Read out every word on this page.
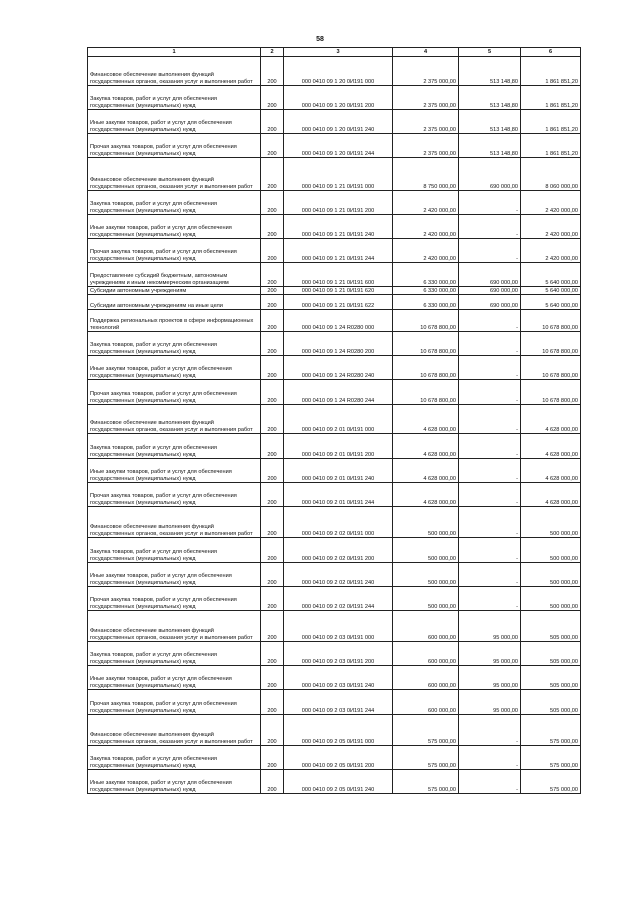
58
1	2	3	4	5	6
Финансовое обеспечение выполнения функций государственных органов, оказания услуг и выполнения работ	200	000 0410 09 1 20 0И191 000	2 375 000,00	513 148,80	1 861 851,20
Закупка товаров, работ и услуг для обеспечения государственных (муниципальных) нужд	200	000 0410 09 1 20 0И191 200	2 375 000,00	513 148,80	1 861 851,20
Иные закупки товаров, работ и услуг для обеспечения государственных (муниципальных) нужд	200	000 0410 09 1 20 0И191 240	2 375 000,00	513 148,80	1 861 851,20
Прочая закупка товаров, работ и услуг для обеспечения государственных (муниципальных) нужд	200	000 0410 09 1 20 0И191 244	2 375 000,00	513 148,80	1 861 851,20
Финансовое обеспечение выполнения функций государственных органов, оказания услуг и выполнения работ	200	000 0410 09 1 21 0И191 000	8 750 000,00	690 000,00	8 060 000,00
Закупка товаров, работ и услуг для обеспечения государственных (муниципальных) нужд	200	000 0410 09 1 21 0И191 200	2 420 000,00	-	2 420 000,00
Иные закупки товаров, работ и услуг для обеспечения государственных (муниципальных) нужд	200	000 0410 09 1 21 0И191 240	2 420 000,00	-	2 420 000,00
Прочая закупка товаров, работ и услуг для обеспечения государственных (муниципальных) нужд	200	000 0410 09 1 21 0И191 244	2 420 000,00	-	2 420 000,00
Предоставление субсидий бюджетным, автономным учреждениям и иным некоммерческим организациям	200	000 0410 09 1 21 0И191 600	6 330 000,00	690 000,00	5 640 000,00
Субсидии автономным учреждениям	200	000 0410 09 1 21 0И191 620	6 330 000,00	690 000,00	5 640 000,00
Субсидии автономным учреждениям на иные цели	200	000 0410 09 1 21 0И191 622	6 330 000,00	690 000,00	5 640 000,00
Поддержка региональных проектов в сфере информационных технологий	200	000 0410 09 1 24 R0280 000	10 678 800,00	-	10 678 800,00
Закупка товаров, работ и услуг для обеспечения государственных (муниципальных) нужд	200	000 0410 09 1 24 R0280 200	10 678 800,00	-	10 678 800,00
Иные закупки товаров, работ и услуг для обеспечения государственных (муниципальных) нужд	200	000 0410 09 1 24 R0280 240	10 678 800,00	-	10 678 800,00
Прочая закупка товаров, работ и услуг для обеспечения государственных (муниципальных) нужд	200	000 0410 09 1 24 R0280 244	10 678 800,00	-	10 678 800,00
Финансовое обеспечение выполнения функций государственных органов, оказания услуг и выполнения работ	200	000 0410 09 2 01 0И191 000	4 628 000,00	-	4 628 000,00
Закупка товаров, работ и услуг для обеспечения государственных (муниципальных) нужд	200	000 0410 09 2 01 0И191 200	4 628 000,00	-	4 628 000,00
Иные закупки товаров, работ и услуг для обеспечения государственных (муниципальных) нужд	200	000 0410 09 2 01 0И191 240	4 628 000,00	-	4 628 000,00
Прочая закупка товаров, работ и услуг для обеспечения государственных (муниципальных) нужд	200	000 0410 09 2 01 0И191 244	4 628 000,00	-	4 628 000,00
Финансовое обеспечение выполнения функций государственных органов, оказания услуг и выполнения работ	200	000 0410 09 2 02 0И191 000	500 000,00	-	500 000,00
Закупка товаров, работ и услуг для обеспечения государственных (муниципальных) нужд	200	000 0410 09 2 02 0И191 200	500 000,00	-	500 000,00
Иные закупки товаров, работ и услуг для обеспечения государственных (муниципальных) нужд	200	000 0410 09 2 02 0И191 240	500 000,00	-	500 000,00
Прочая закупка товаров, работ и услуг для обеспечения государственных (муниципальных) нужд	200	000 0410 09 2 02 0И191 244	500 000,00	-	500 000,00
Финансовое обеспечение выполнения функций государственных органов, оказания услуг и выполнения работ	200	000 0410 09 2 03 0И191 000	600 000,00	95 000,00	505 000,00
Закупка товаров, работ и услуг для обеспечения государственных (муниципальных) нужд	200	000 0410 09 2 03 0И191 200	600 000,00	95 000,00	505 000,00
Иные закупки товаров, работ и услуг для обеспечения государственных (муниципальных) нужд	200	000 0410 09 2 03 0И191 240	600 000,00	95 000,00	505 000,00
Прочая закупка товаров, работ и услуг для обеспечения государственных (муниципальных) нужд	200	000 0410 09 2 03 0И191 244	600 000,00	95 000,00	505 000,00
Финансовое обеспечение выполнения функций государственных органов, оказания услуг и выполнения работ	200	000 0410 09 2 05 0И191 000	575 000,00	-	575 000,00
Закупка товаров, работ и услуг для обеспечения государственных (муниципальных) нужд	200	000 0410 09 2 05 0И191 200	575 000,00	-	575 000,00
Иные закупки товаров, работ и услуг для обеспечения государственных (муниципальных) нужд	200	000 0410 09 2 05 0И191 240	575 000,00	-	575 000,00
